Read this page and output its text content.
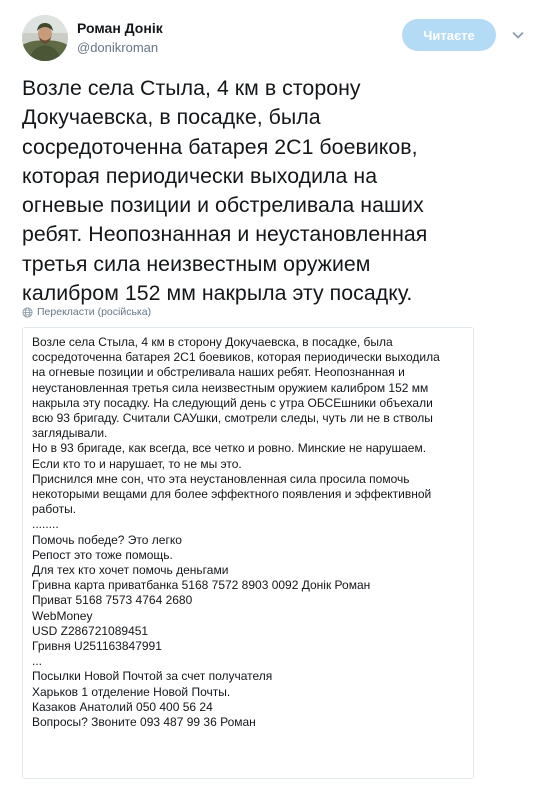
Роман Донік
@donikroman
Читаєте
Возле села Стыла, 4 км в сторону
Докучаевска, в посадке, была
сосредоточенна батарея 2С1 боевиков,
которая периодически выходила на
огневые позиции и обстреливала наших
ребят. Неопознанная и неустановленная
третья сила неизвестным оружием
калибром 152 мм накрыла эту посадку.
Перекласти (російська)
Возле села Стыла, 4 км в сторону Докучаевска, в посадке, была
сосредоточенна батарея 2С1 боевиков, которая периодически выходила
на огневые позиции и обстреливала наших ребят. Неопознанная и
неустановленная третья сила неизвестным оружием калибром 152 мм
накрыла эту посадку. На следующий день с утра ОБСЕшники объехали
всю 93 бригаду. Считали САУшки, смотрели следы, чуть ли не в стволы
заглядывали.
Но в 93 бригаде, как всегда, все четко и ровно. Минские не нарушаем.
Если кто то и нарушает, то не мы это.
Приснился мне сон, что эта неустановленная сила просила помочь
некоторыми вещами для более эффектного появления и эффективной
работы.
........
Помочь победе? Это легко
Репост это тоже помощь.
Для тех кто хочет помочь деньгами
Гривна карта приватбанка 5168 7572 8903 0092 Донік Роман
Приват 5168 7573 4764 2680
WebMoney
USD Z286721089451
Гривня U251163847991
...
Посылки Новой Почтой за счет получателя
Харьков 1 отделение Новой Почты.
Казаков Анатолий 050 400 56 24
Вопросы? Звоните 093 487 99 36 Роман
